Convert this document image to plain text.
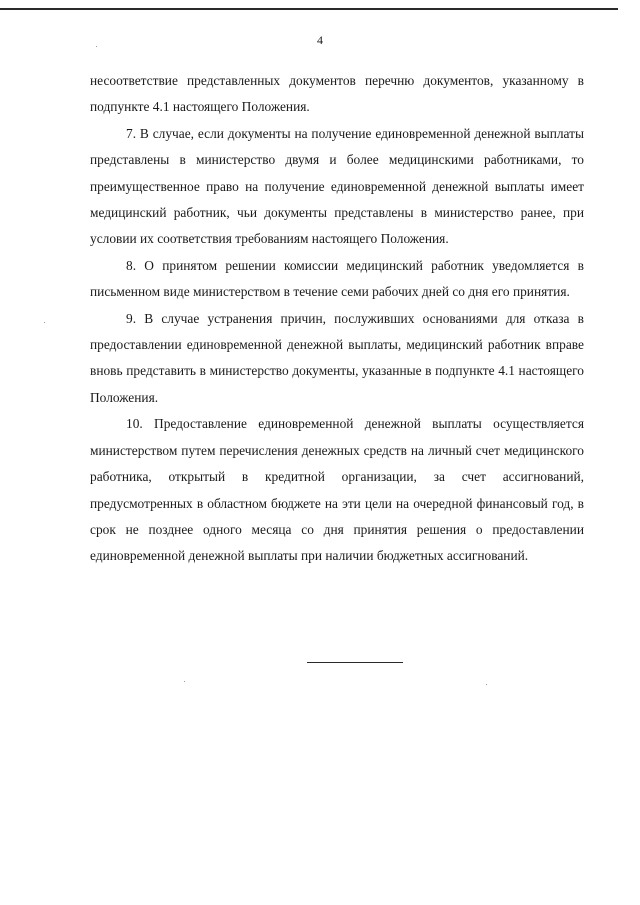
4

несоответствие представленных документов перечню документов, указанному в подпункте 4.1 настоящего Положения.

7. В случае, если документы на получение единовременной денежной выплаты представлены в министерство двумя и более медицинскими работниками, то преимущественное право на получение единовременной денежной выплаты имеет медицинский работник, чьи документы представлены в министерство ранее, при условии их соответствия требованиям настоящего Положения.

8. О принятом решении комиссии медицинский работник уведомляется в письменном виде министерством в течение семи рабочих дней со дня его принятия.

9. В случае устранения причин, послуживших основаниями для отказа в предоставлении единовременной денежной выплаты, медицинский работник вправе вновь представить в министерство документы, указанные в подпункте 4.1 настоящего Положения.

10. Предоставление единовременной денежной выплаты осуществляется министерством путем перечисления денежных средств на личный счет медицинского работника, открытый в кредитной организации, за счет ассигнований, предусмотренных в областном бюджете на эти цели на очередной финансовый год, в срок не позднее одного месяца со дня принятия решения о предоставлении единовременной денежной выплаты при наличии бюджетных ассигнований.
